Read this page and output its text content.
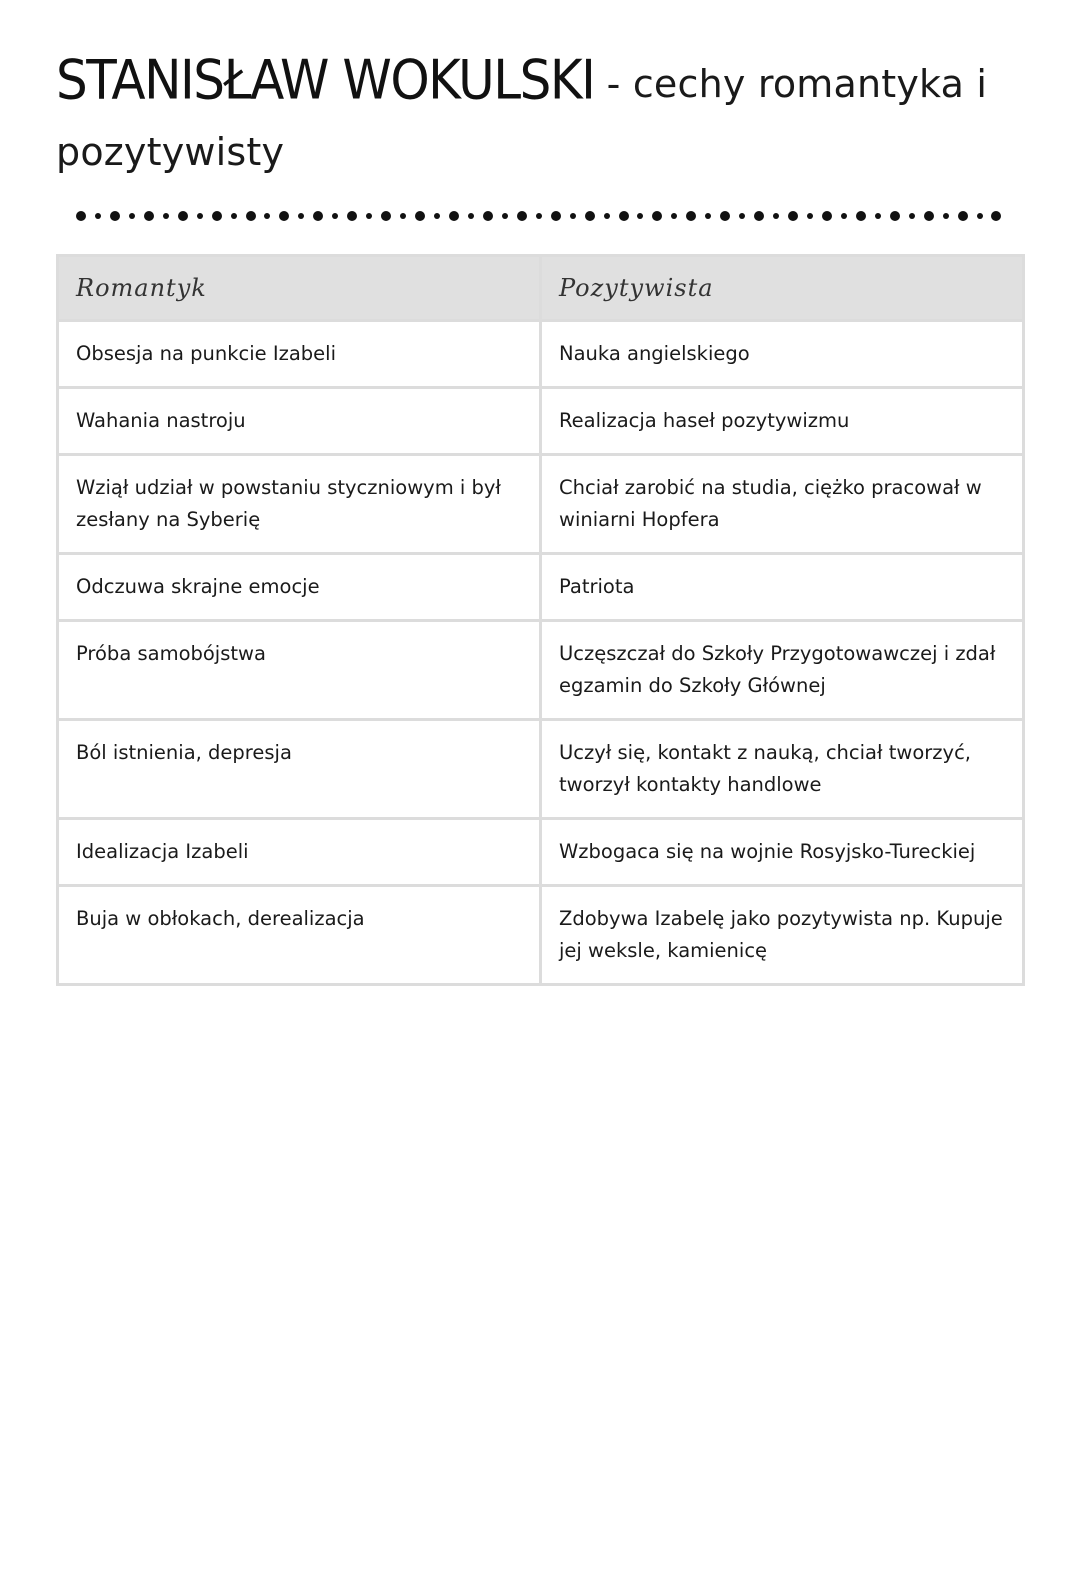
STANISŁAW WOKULSKI - cechy romantyka i pozytywisty
Romantyk	Pozytywista
Obsesja na punkcie Izabeli	Nauka angielskiego
Wahania nastroju	Realizacja haseł pozytywizmu
Wziął udział w powstaniu styczniowym i był zesłany na Syberię	Chciał zarobić na studia, ciężko pracował w winiarni Hopfera
Odczuwa skrajne emocje	Patriota
Próba samobójstwa	Uczęszczał do Szkoły Przygotowawczej i zdał egzamin do Szkoły Głównej
Ból istnienia, depresja	Uczył się, kontakt z nauką, chciał tworzyć, tworzył kontakty handlowe
Idealizacja Izabeli	Wzbogaca się na wojnie Rosyjsko-Tureckiej
Buja w obłokach, derealizacja	Zdobywa Izabelę jako pozytywista np. Kupuje jej weksle, kamienicę
